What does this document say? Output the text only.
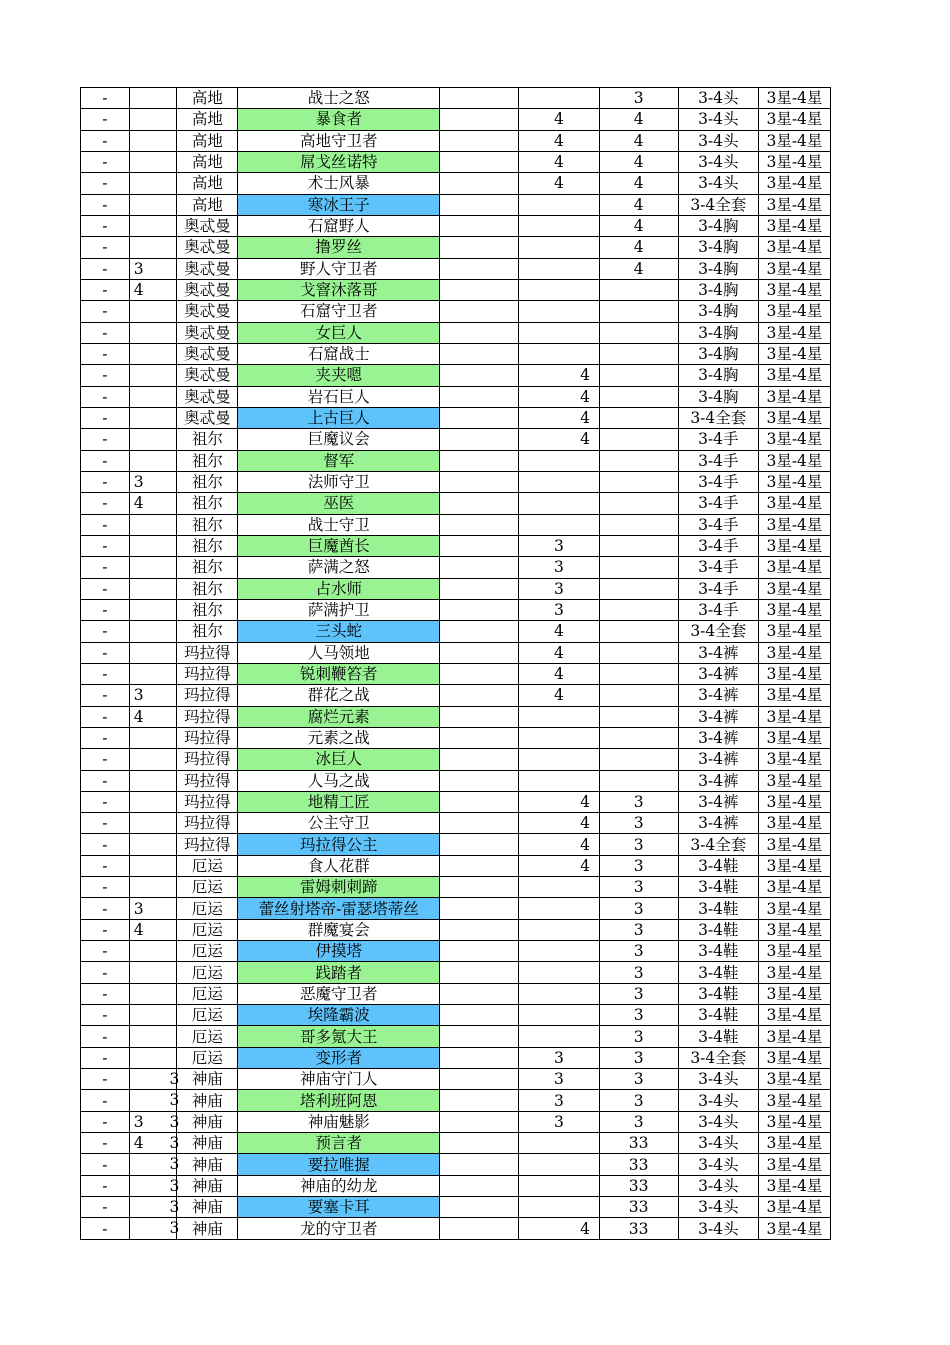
-		高地	战士之怒			3	3-4头	3星-4星
-		高地	暴食者		4	4	3-4头	3星-4星
-		高地	高地守卫者		4	4	3-4头	3星-4星
-		高地	屌戈丝诺特		4	4	3-4头	3星-4星
-		高地	术士风暴		4	4	3-4头	3星-4星
-		高地	寒冰王子			4	3-4全套	3星-4星
-		奥忒曼	石窟野人			4	3-4胸	3星-4星
-		奥忒曼	撸罗丝			4	3-4胸	3星-4星
-	3	奥忒曼	野人守卫者			4	3-4胸	3星-4星
-	4	奥忒曼	戈窨沐落哥				3-4胸	3星-4星
-		奥忒曼	石窟守卫者				3-4胸	3星-4星
-		奥忒曼	女巨人				3-4胸	3星-4星
-		奥忒曼	石窟战士				3-4胸	3星-4星
-		奥忒曼	夹夹嗯		4		3-4胸	3星-4星
-		奥忒曼	岩石巨人		4		3-4胸	3星-4星
-		奥忒曼	上古巨人		4		3-4全套	3星-4星
-		祖尔	巨魔议会		4		3-4手	3星-4星
-		祖尔	督军				3-4手	3星-4星
-	3	祖尔	法师守卫				3-4手	3星-4星
-	4	祖尔	巫医				3-4手	3星-4星
-		祖尔	战士守卫				3-4手	3星-4星
-		祖尔	巨魔酋长		3		3-4手	3星-4星
-		祖尔	萨满之怒		3		3-4手	3星-4星
-		祖尔	占水师		3		3-4手	3星-4星
-		祖尔	萨满护卫		3		3-4手	3星-4星
-		祖尔	三头蛇		4		3-4全套	3星-4星
-		玛拉得	人马领地		4		3-4裤	3星-4星
-		玛拉得	锐刺鞭笞者		4		3-4裤	3星-4星
-	3	玛拉得	群花之战		4		3-4裤	3星-4星
-	4	玛拉得	腐烂元素				3-4裤	3星-4星
-		玛拉得	元素之战				3-4裤	3星-4星
-		玛拉得	冰巨人				3-4裤	3星-4星
-		玛拉得	人马之战				3-4裤	3星-4星
-		玛拉得	地精工匠		4	3	3-4裤	3星-4星
-		玛拉得	公主守卫		4	3	3-4裤	3星-4星
-		玛拉得	玛拉得公主		4	3	3-4全套	3星-4星
-		厄运	食人花群		4	3	3-4鞋	3星-4星
-		厄运	雷姆刺刺蹄			3	3-4鞋	3星-4星
-	3	厄运	蕾丝射塔帝-雷瑟塔蒂丝			3	3-4鞋	3星-4星
-	4	厄运	群魔宴会			3	3-4鞋	3星-4星
-		厄运	伊摸塔			3	3-4鞋	3星-4星
-		厄运	践踏者			3	3-4鞋	3星-4星
-		厄运	恶魔守卫者			3	3-4鞋	3星-4星
-		厄运	埃隆霸波			3	3-4鞋	3星-4星
-		厄运	哥多氪大王			3	3-4鞋	3星-4星
-		厄运	变形者		3	3	3-4全套	3星-4星
-	3	神庙	神庙守门人		3	3	3-4头	3星-4星
-	3	神庙	塔利班阿恩		3	3	3-4头	3星-4星
-	3 3	神庙	神庙魅影		3	3	3-4头	3星-4星
-	4 3	神庙	预言者			33	3-4头	3星-4星
-	3	神庙	要拉唯握			33	3-4头	3星-4星
-	3	神庙	神庙的幼龙			33	3-4头	3星-4星
-	3	神庙	要塞卡耳			33	3-4头	3星-4星
-	3	神庙	龙的守卫者		4	33	3-4头	3星-4星
